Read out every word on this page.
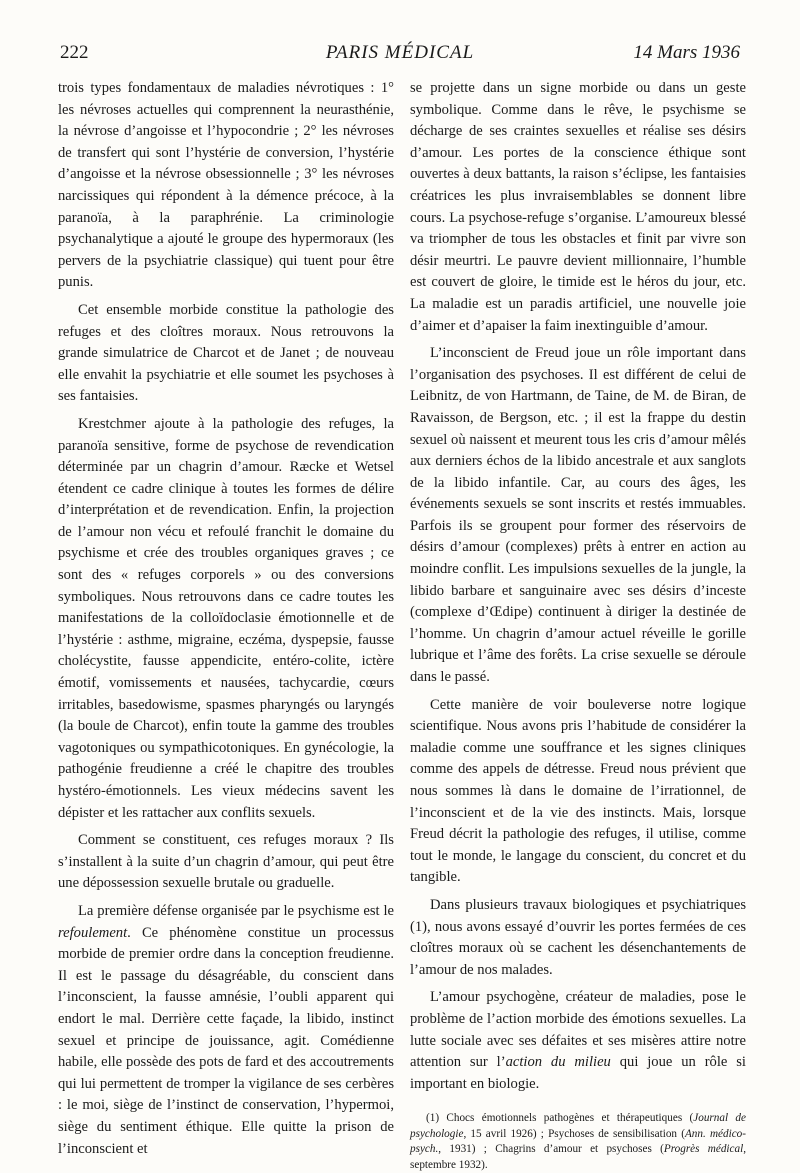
222	PARIS MÉDICAL	14 Mars 1936

trois types fondamentaux de maladies névrotiques : 1° les névroses actuelles qui comprennent la neurasthénie, la névrose d’angoisse et l’hypocondrie ; 2° les névroses de transfert qui sont l’hystérie de conversion, l’hystérie d’angoisse et la névrose obsessionnelle ; 3° les névroses narcissiques qui répondent à la démence précoce, à la paranoïa, à la paraphrénie. La criminologie psychanalytique a ajouté le groupe des hypermoraux (les pervers de la psychiatrie classique) qui tuent pour être punis.

Cet ensemble morbide constitue la pathologie des refuges et des cloîtres moraux. Nous retrouvons la grande simulatrice de Charcot et de Janet ; de nouveau elle envahit la psychiatrie et elle soumet les psychoses à ses fantaisies.

Krestchmer ajoute à la pathologie des refuges, la paranoïa sensitive, forme de psychose de revendication déterminée par un chagrin d’amour. Ræcke et Wetsel étendent ce cadre clinique à toutes les formes de délire d’interprétation et de revendication. Enfin, la projection de l’amour non vécu et refoulé franchit le domaine du psychisme et crée des troubles organiques graves ; ce sont des « refuges corporels » ou des conversions symboliques. Nous retrouvons dans ce cadre toutes les manifestations de la colloïdoclasie émotionnelle et de l’hystérie : asthme, migraine, eczéma, dyspepsie, fausse cholécystite, fausse appendicite, entéro-colite, ictère émotif, vomissements et nausées, tachycardie, cœurs irritables, basedowisme, spasmes pharyngés ou laryngés (la boule de Charcot), enfin toute la gamme des troubles vagotoniques ou sympathicotoniques. En gynécologie, la pathogénie freudienne a créé le chapitre des troubles hystéro-émotionnels. Les vieux médecins savent les dépister et les rattacher aux conflits sexuels.

Comment se constituent, ces refuges moraux ? Ils s’installent à la suite d’un chagrin d’amour, qui peut être une dépossession sexuelle brutale ou graduelle.

La première défense organisée par le psychisme est le refoulement. Ce phénomène constitue un processus morbide de premier ordre dans la conception freudienne. Il est le passage du désagréable, du conscient dans l’inconscient, la fausse amnésie, l’oubli apparent qui endort le mal. Derrière cette façade, la libido, instinct sexuel et principe de jouissance, agit. Comédienne habile, elle possède des pots de fard et des accoutrements qui lui permettent de tromper la vigilance de ses cerbères : le moi, siège de l’instinct de conservation, l’hypermoi, siège du sentiment éthique. Elle quitte la prison de l’inconscient et

se projette dans un signe morbide ou dans un geste symbolique. Comme dans le rêve, le psychisme se décharge de ses craintes sexuelles et réalise ses désirs d’amour. Les portes de la conscience éthique sont ouvertes à deux battants, la raison s’éclipse, les fantaisies créatrices les plus invraisemblables se donnent libre cours. La psychose-refuge s’organise. L’amoureux blessé va triompher de tous les obstacles et finit par vivre son désir meurtri. Le pauvre devient millionnaire, l’humble est couvert de gloire, le timide est le héros du jour, etc. La maladie est un paradis artificiel, une nouvelle joie d’aimer et d’apaiser la faim inextinguible d’amour.

L’inconscient de Freud joue un rôle important dans l’organisation des psychoses. Il est différent de celui de Leibnitz, de von Hartmann, de Taine, de M. de Biran, de Ravaisson, de Bergson, etc. ; il est la frappe du destin sexuel où naissent et meurent tous les cris d’amour mêlés aux derniers échos de la libido ancestrale et aux sanglots de la libido infantile. Car, au cours des âges, les événements sexuels se sont inscrits et restés immuables. Parfois ils se groupent pour former des réservoirs de désirs d’amour (complexes) prêts à entrer en action au moindre conflit. Les impulsions sexuelles de la jungle, la libido barbare et sanguinaire avec ses désirs d’inceste (complexe d’Œdipe) continuent à diriger la destinée de l’homme. Un chagrin d’amour actuel réveille le gorille lubrique et l’âme des forêts. La crise sexuelle se déroule dans le passé.

Cette manière de voir bouleverse notre logique scientifique. Nous avons pris l’habitude de considérer la maladie comme une souffrance et les signes cliniques comme des appels de détresse. Freud nous prévient que nous sommes là dans le domaine de l’irrationnel, de l’inconscient et de la vie des instincts. Mais, lorsque Freud décrit la pathologie des refuges, il utilise, comme tout le monde, le langage du conscient, du concret et du tangible.

Dans plusieurs travaux biologiques et psychiatriques (1), nous avons essayé d’ouvrir les portes fermées de ces cloîtres moraux où se cachent les désenchantements de l’amour de nos malades.

L’amour psychogène, créateur de maladies, pose le problème de l’action morbide des émotions sexuelles. La lutte sociale avec ses défaites et ses misères attire notre attention sur l’action du milieu qui joue un rôle si important en biologie.

(1) Chocs émotionnels pathogènes et thérapeutiques (Journal de psychologie, 15 avril 1926) ; Psychoses de sensibilisation (Ann. médico-psych., 1931) ; Chagrins d’amour et psychoses (Progrès médical, septembre 1932).
